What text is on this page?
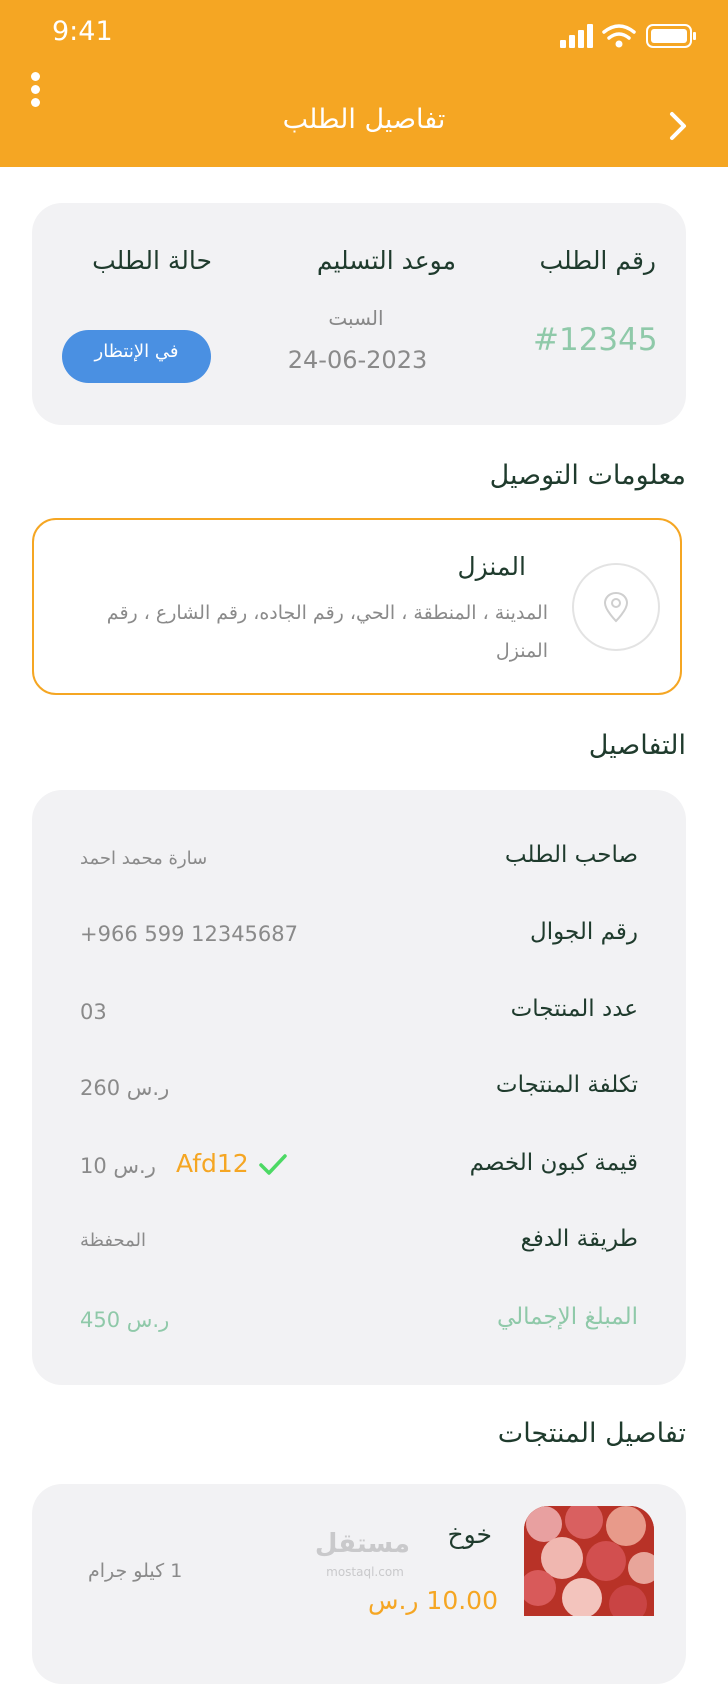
9:41
تفاصيل الطلب
رقم الطلب
موعد التسليم
حالة الطلب
#12345
السبت
24-06-2023
في الإنتظار
معلومات التوصيل
المنزل
المدينة ، المنطقة ، الحي، رقم الجاده، رقم الشارع ، رقم المنزل
التفاصيل
صاحب الطلب
سارة محمد احمد
رقم الجوال
+966 599 12345687
عدد المنتجات
03
تكلفة المنتجات
260 ر.س
قيمة كبون الخصم
10 ر.س Afd12
طريقة الدفع
المحفظة
المبلغ الإجمالي
450 ر.س
تفاصيل المنتجات
خوخ
1 كيلو جرام
10.00 ر.س
مستقل
mostaql.com
